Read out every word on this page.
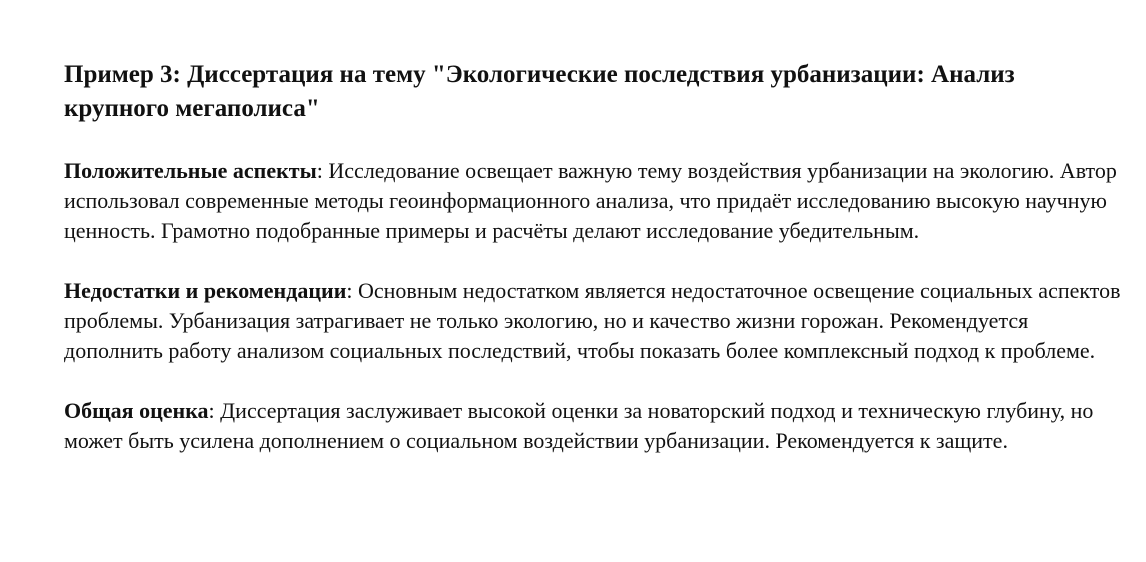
Пример 3: Диссертация на тему "Экологические последствия урбанизации: Анализ крупного мегаполиса"

Положительные аспекты: Исследование освещает важную тему воздействия урбанизации на экологию. Автор использовал современные методы геоинформационного анализа, что придаёт исследованию высокую научную ценность. Грамотно подобранные примеры и расчёты делают исследование убедительным.

Недостатки и рекомендации: Основным недостатком является недостаточное освещение социальных аспектов проблемы. Урбанизация затрагивает не только экологию, но и качество жизни горожан. Рекомендуется дополнить работу анализом социальных последствий, чтобы показать более комплексный подход к проблеме.

Общая оценка: Диссертация заслуживает высокой оценки за новаторский подход и техническую глубину, но может быть усилена дополнением о социальном воздействии урбанизации. Рекомендуется к защите.
